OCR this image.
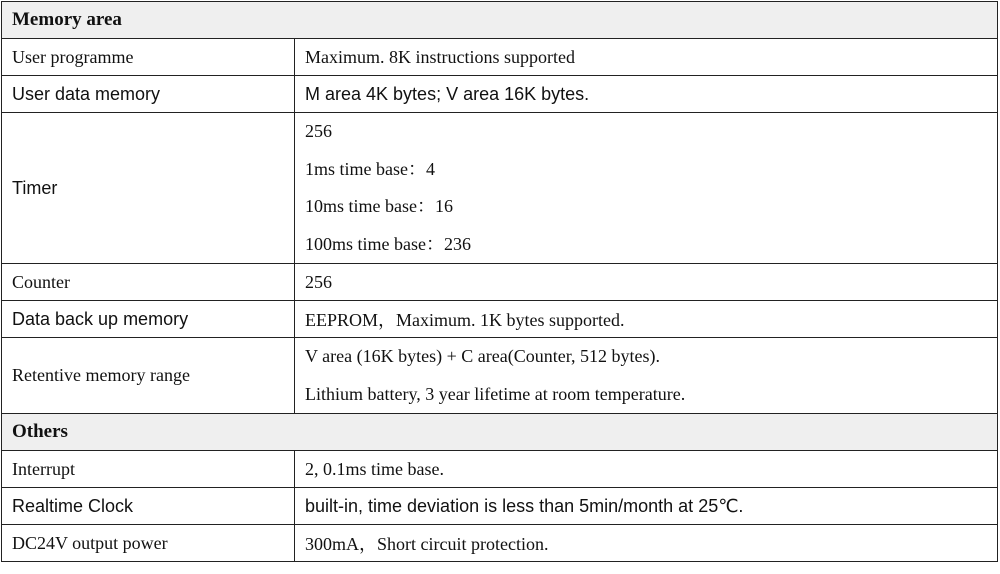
Memory area	
User programme	Maximum. 8K instructions supported
User data memory	M area 4K bytes; V area 16K bytes.
Timer	256
1ms time base：4
10ms time base：16
100ms time base：236

Counter	256
Data back up memory	EEPROM，Maximum. 1K bytes supported.
Retentive memory range	V area (16K bytes) + C area(Counter, 512 bytes).
Lithium battery, 3 year lifetime at room temperature.

Others	
Interrupt	2, 0.1ms time base.
Realtime Clock	built-in, time deviation is less than 5min/month at 25℃.
DC24V output power	300mA，Short circuit protection.
